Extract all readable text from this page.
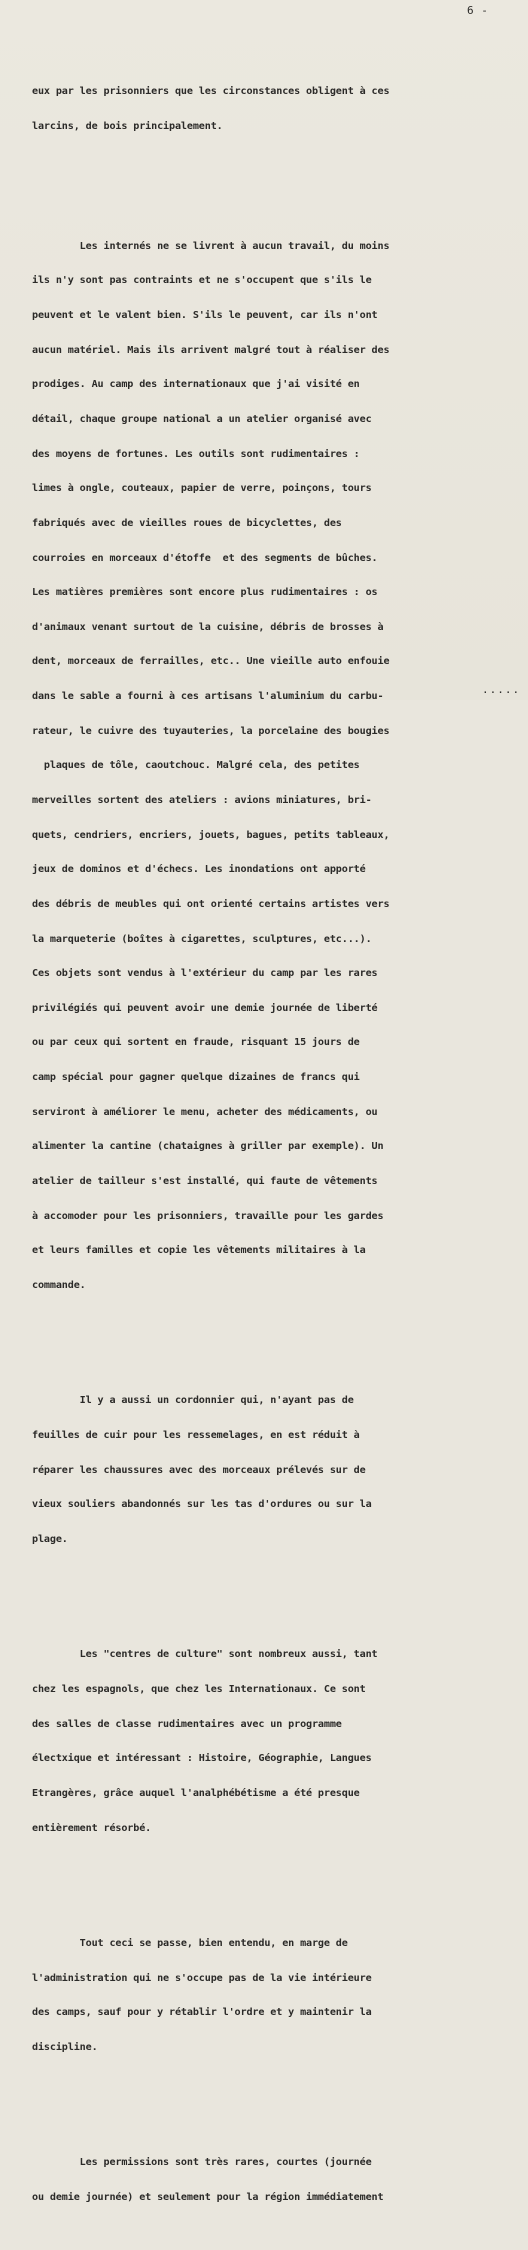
6 -

eux par les prisonniers que les circonstances obligent à ces

larcins, de bois principalement.

Les internés ne se livrent à aucun travail, du moins

ils n'y sont pas contraints et ne s'occupent que s'ils le

peuvent et le valent bien. S'ils le peuvent, car ils n'ont

aucun matériel. Mais ils arrivent malgré tout à réaliser des

prodiges. Au camp des internationaux que j'ai visité en

détail, chaque groupe national a un atelier organisé avec

des moyens de fortunes. Les outils sont rudimentaires :

limes à ongle, couteaux, papier de verre, poinçons, tours

fabriqués avec de vieilles roues de bicyclettes, des

courroies en morceaux d'étoffe  et des segments de bûches.

Les matières premières sont encore plus rudimentaires : os

d'animaux venant surtout de la cuisine, débris de brosses à

dent, morceaux de ferrailles, etc.. Une vieille auto enfouie

dans le sable a fourni à ces artisans l'aluminium du carbu-

rateur, le cuivre des tuyauteries, la porcelaine des bougies

plaques de tôle, caoutchouc. Malgré cela, des petites

merveilles sortent des ateliers : avions miniatures, bri-

quets, cendriers, encriers, jouets, bagues, petits tableaux,

jeux de dominos et d'échecs. Les inondations ont apporté

des débris de meubles qui ont orienté certains artistes vers

la marqueterie (boîtes à cigarettes, sculptures, etc...).

Ces objets sont vendus à l'extérieur du camp par les rares

privilégiés qui peuvent avoir une demie journée de liberté

ou par ceux qui sortent en fraude, risquant 15 jours de

camp spécial pour gagner quelque dizaines de francs qui

serviront à améliorer le menu, acheter des médicaments, ou

alimenter la cantine (chataignes à griller par exemple). Un

atelier de tailleur s'est installé, qui faute de vêtements

à accomoder pour les prisonniers, travaille pour les gardes

et leurs familles et copie les vêtements militaires à la

commande.

Il y a aussi un cordonnier qui, n'ayant pas de

feuilles de cuir pour les ressemelages, en est réduit à

réparer les chaussures avec des morceaux prélevés sur de

vieux souliers abandonnés sur les tas d'ordures ou sur la

plage.

Les "centres de culture" sont nombreux aussi, tant

chez les espagnols, que chez les Internationaux. Ce sont

des salles de classe rudimentaires avec un programme

électxique et intéressant : Histoire, Géographie, Langues

Etrangères, grâce auquel l'analphébétisme a été presque

entièrement résorbé.

Tout ceci se passe, bien entendu, en marge de

l'administration qui ne s'occupe pas de la vie intérieure

des camps, sauf pour y rétablir l'ordre et y maintenir la

discipline.

Les permissions sont très rares, courtes (journée

ou demie journée) et seulement pour la région immédiatement

.....
